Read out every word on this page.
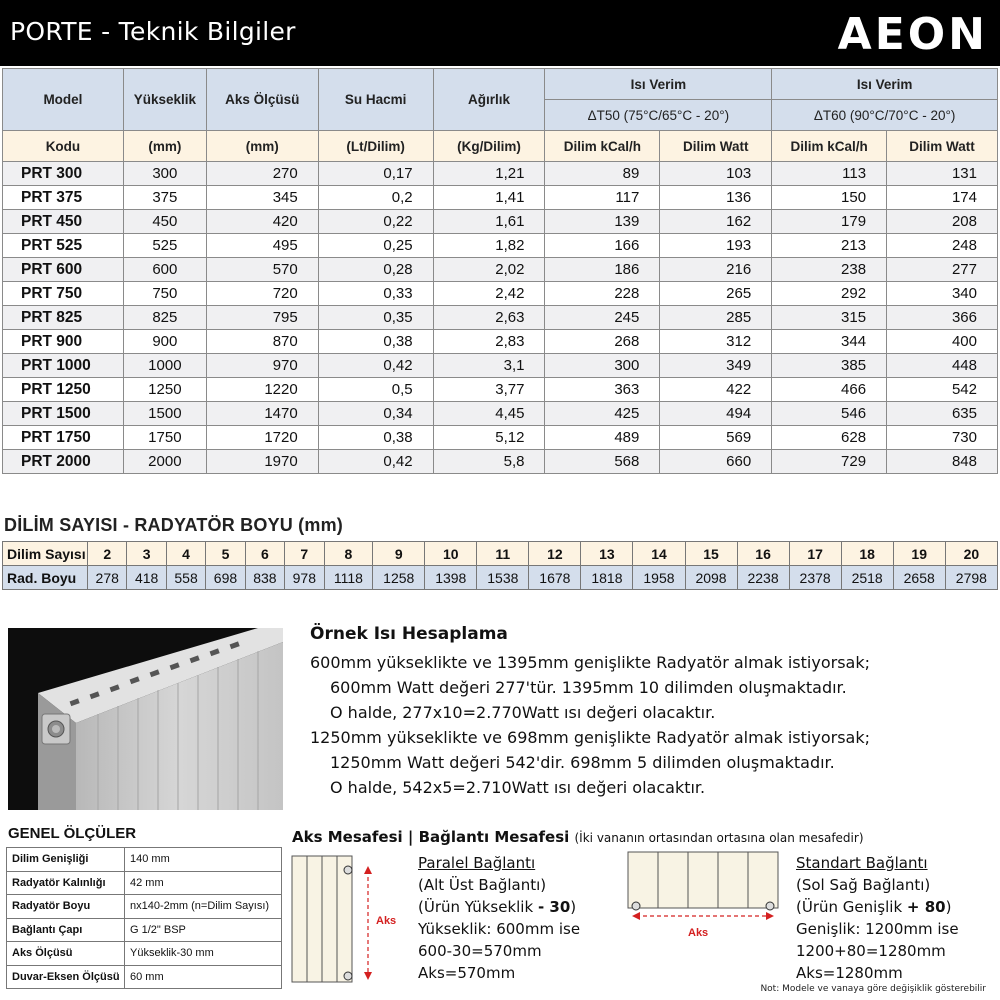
PORTE - Teknik Bilgiler	AEON
Model	Yükseklik	Aks Ölçüsü	Su Hacmi	Ağırlık	Isı Verim		Isı Verim	
					ΔT50 (75°C/65°C - 20°)		ΔT60 (90°C/70°C - 20°)	
Kodu	(mm)	(mm)	(Lt/Dilim)	(Kg/Dilim)	Dilim kCal/h	Dilim Watt	Dilim kCal/h	Dilim Watt
PRT 300	300	270	0,17	1,21	89	103	113	131
PRT 375	375	345	0,2	1,41	117	136	150	174
PRT 450	450	420	0,22	1,61	139	162	179	208
PRT 525	525	495	0,25	1,82	166	193	213	248
PRT 600	600	570	0,28	2,02	186	216	238	277
PRT 750	750	720	0,33	2,42	228	265	292	340
PRT 825	825	795	0,35	2,63	245	285	315	366
PRT 900	900	870	0,38	2,83	268	312	344	400
PRT 1000	1000	970	0,42	3,1	300	349	385	448
PRT 1250	1250	1220	0,5	3,77	363	422	466	542
PRT 1500	1500	1470	0,34	4,45	425	494	546	635
PRT 1750	1750	1720	0,38	5,12	489	569	628	730
PRT 2000	2000	1970	0,42	5,8	568	660	729	848
DİLİM SAYISI - RADYATÖR BOYU (mm)
Dilim Sayısı	2	3	4	5	6	7	8	9	10	11	12	13	14	15	16	17	18	19	20
Rad. Boyu	278	418	558	698	838	978	1118	1258	1398	1538	1678	1818	1958	2098	2238	2378	2518	2658	2798
Örnek Isı Hesaplama

600mm yükseklikte ve 1395mm genişlikte Radyatör almak istiyorsak;

600mm Watt değeri 277'tür. 1395mm 10 dilimden oluşmaktadır.

O halde, 277x10=2.770Watt ısı değeri olacaktır.

1250mm yükseklikte ve 698mm genişlikte Radyatör almak istiyorsak;

1250mm Watt değeri 542'dir. 698mm 5 dilimden oluşmaktadır.

O halde, 542x5=2.710Watt ısı değeri olacaktır.

GENEL ÖLÇÜLER
Dilim Genişliği	140 mm
Radyatör Kalınlığı	42 mm
Radyatör Boyu	nx140-2mm (n=Dilim Sayısı)
Bağlantı Çapı	G 1/2" BSP
Aks Ölçüsü	Yükseklik-30 mm
Duvar-Eksen Ölçüsü	60 mm
Aks Mesafesi | Bağlantı Mesafesi (İki vananın ortasından ortasına olan mesafedir)
Aks
Paralel Bağlantı
(Alt Üst Bağlantı)
(Ürün Yükseklik - 30)
Yükseklik: 600mm ise
600-30=570mm
Aks=570mm
Aks
Standart Bağlantı
(Sol Sağ Bağlantı)
(Ürün Genişlik + 80)
Genişlik: 1200mm ise
1200+80=1280mm
Aks=1280mm
Not: Modele ve vanaya göre değişiklik gösterebilir
